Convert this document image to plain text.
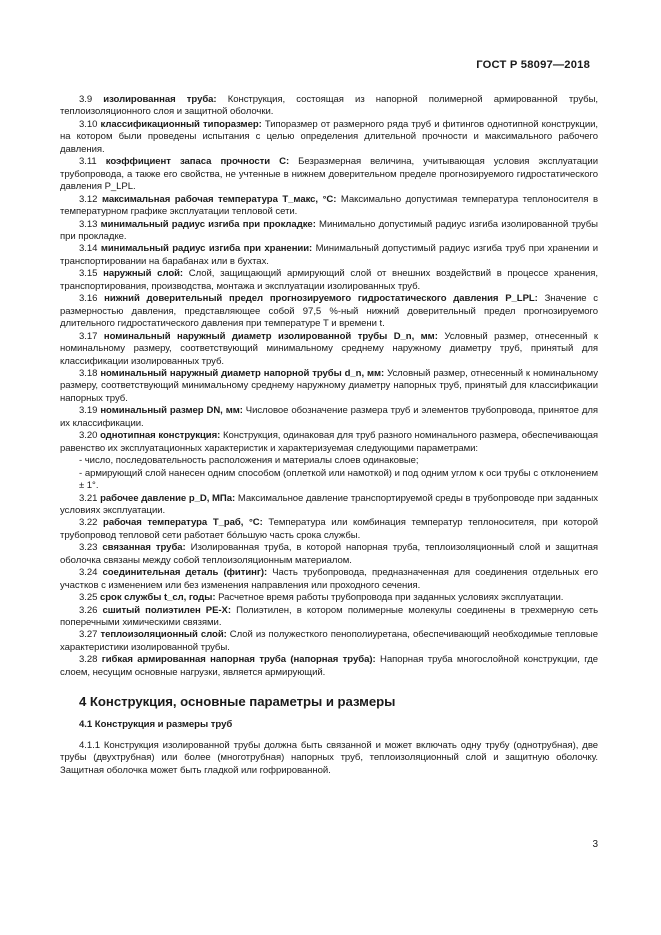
ГОСТ Р 58097—2018

3.9 изолированная труба: Конструкция, состоящая из напорной полимерной армированной трубы, теплоизоляционного слоя и защитной оболочки.

3.10 классификационный типоразмер: Типоразмер от размерного ряда труб и фитингов однотипной конструкции, на котором были проведены испытания с целью определения длительной прочности и максимального рабочего давления.

3.11 коэффициент запаса прочности C: Безразмерная величина, учитывающая условия эксплуатации трубопровода, а также его свойства, не учтенные в нижнем доверительном пределе прогнозируемого гидростатического давления P_LPL.

3.12 максимальная рабочая температура T_макс, °C: Максимально допустимая температура теплоносителя в температурном графике эксплуатации тепловой сети.

3.13 минимальный радиус изгиба при прокладке: Минимально допустимый радиус изгиба изолированной трубы при прокладке.

3.14 минимальный радиус изгиба при хранении: Минимальный допустимый радиус изгиба труб при хранении и транспортировании на барабанах или в бухтах.

3.15 наружный слой: Слой, защищающий армирующий слой от внешних воздействий в процессе хранения, транспортирования, производства, монтажа и эксплуатации изолированных труб.

3.16 нижний доверительный предел прогнозируемого гидростатического давления P_LPL: Значение с размерностью давления, представляющее собой 97,5 %-ный нижний доверительный предел прогнозируемого длительного гидростатического давления при температуре T и времени t.

3.17 номинальный наружный диаметр изолированной трубы D_n, мм: Условный размер, отнесенный к номинальному размеру, соответствующий минимальному среднему наружному диаметру труб, принятый для классификации изолированных труб.

3.18 номинальный наружный диаметр напорной трубы d_n, мм: Условный размер, отнесенный к номинальному размеру, соответствующий минимальному среднему наружному диаметру напорных труб, принятый для классификации напорных труб.

3.19 номинальный размер DN, мм: Числовое обозначение размера труб и элементов трубопровода, принятое для их классификации.

3.20 однотипная конструкция: Конструкция, одинаковая для труб разного номинального размера, обеспечивающая равенство их эксплуатационных характеристик и характеризуемая следующими параметрами:

- число, последовательность расположения и материалы слоев одинаковые;

- армирующий слой нанесен одним способом (оплеткой или намоткой) и под одним углом к оси трубы с отклонением ± 1°.

3.21 рабочее давление p_D, МПа: Максимальное давление транспортируемой среды в трубопроводе при заданных условиях эксплуатации.

3.22 рабочая температура T_раб, °C: Температура или комбинация температур теплоносителя, при которой трубопровод тепловой сети работает бо́льшую часть срока службы.

3.23 связанная труба: Изолированная труба, в которой напорная труба, теплоизоляционный слой и защитная оболочка связаны между собой теплоизоляционным материалом.

3.24 соединительная деталь (фитинг): Часть трубопровода, предназначенная для соединения отдельных его участков с изменением или без изменения направления или проходного сечения.

3.25 срок службы t_сл, годы: Расчетное время работы трубопровода при заданных условиях эксплуатации.

3.26 сшитый полиэтилен PE-X: Полиэтилен, в котором полимерные молекулы соединены в трехмерную сеть поперечными химическими связями.

3.27 теплоизоляционный слой: Слой из полужесткого пенополиуретана, обеспечивающий необходимые тепловые характеристики изолированной трубы.

3.28 гибкая армированная напорная труба (напорная труба): Напорная труба многослойной конструкции, где слоем, несущим основные нагрузки, является армирующий.

4 Конструкция, основные параметры и размеры

4.1 Конструкция и размеры труб

4.1.1 Конструкция изолированной трубы должна быть связанной и может включать одну трубу (однотрубная), две трубы (двухтрубная) или более (многотрубная) напорных труб, теплоизоляционный слой и защитную оболочку. Защитная оболочка может быть гладкой или гофрированной.

3
